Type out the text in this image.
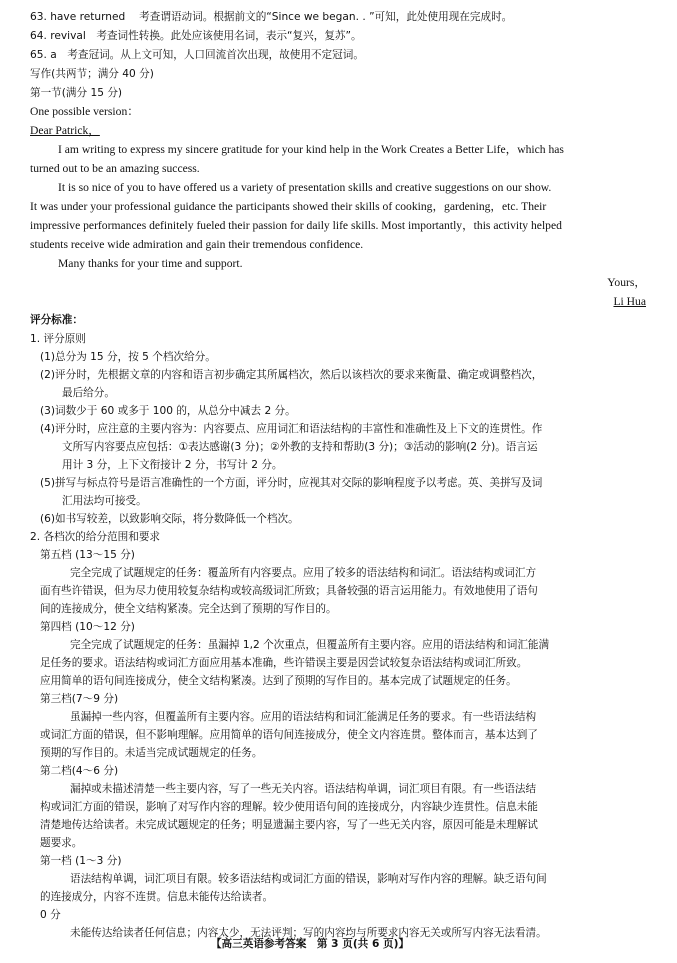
63. have returned　 考查谓语动词。根据前文的“Since we began. . ”可知，此处使用现在完成时。
64. revival　考查词性转换。此处应该使用名词，表示“复兴，复苏”。
65. a　考查冠词。从上文可知，人口回流首次出现，故使用不定冠词。
写作(共两节；满分 40 分)
第一节(满分 15 分)
One possible version：
Dear Patrick，
I am writing to express my sincere gratitude for your kind help in the Work Creates a Better Life，which has
turned out to be an amazing success.
It is so nice of you to have offered us a variety of presentation skills and creative suggestions on our show.
It was under your professional guidance the participants showed their skills of cooking，gardening，etc. Their
impressive performances definitely fueled their passion for daily life skills. Most importantly，this activity helped
students receive wide admiration and gain their tremendous confidence.
Many thanks for your time and support.
Yours，
Li Hua
评分标准：
1. 评分原则
(1)总分为 15 分，按 5 个档次给分。
(2)评分时，先根据文章的内容和语言初步确定其所属档次，然后以该档次的要求来衡量、确定或调整档次，
最后给分。
(3)词数少于 60 或多于 100 的，从总分中减去 2 分。
(4)评分时，应注意的主要内容为：内容要点、应用词汇和语法结构的丰富性和准确性及上下文的连贯性。作
文所写内容要点应包括：①表达感谢(3 分)；②外教的支持和帮助(3 分)；③活动的影响(2 分)。语言运
用计 3 分，上下文衔接计 2 分，书写计 2 分。
(5)拼写与标点符号是语言准确性的一个方面，评分时，应视其对交际的影响程度予以考虑。英、美拼写及词
汇用法均可接受。
(6)如书写较差，以致影响交际，将分数降低一个档次。
2. 各档次的给分范围和要求
第五档 (13～15 分)
完全完成了试题规定的任务：覆盖所有内容要点。应用了较多的语法结构和词汇。语法结构或词汇方
面有些许错误，但为尽力使用较复杂结构或较高级词汇所致；具备较强的语言运用能力。有效地使用了语句
间的连接成分，使全文结构紧凑。完全达到了预期的写作目的。
第四档 (10～12 分)
完全完成了试题规定的任务：虽漏掉 1,2 个次重点，但覆盖所有主要内容。应用的语法结构和词汇能满
足任务的要求。语法结构或词汇方面应用基本准确，些许错误主要是因尝试较复杂语法结构或词汇所致。
应用简单的语句间连接成分，使全文结构紧凑。达到了预期的写作目的。基本完成了试题规定的任务。
第三档(7～9 分)
虽漏掉一些内容，但覆盖所有主要内容。应用的语法结构和词汇能满足任务的要求。有一些语法结构
或词汇方面的错误，但不影响理解。应用简单的语句间连接成分，使全文内容连贯。整体而言，基本达到了
预期的写作目的。未适当完成试题规定的任务。
第二档(4～6 分)
漏掉或未描述清楚一些主要内容，写了一些无关内容。语法结构单调，词汇项目有限。有一些语法结
构或词汇方面的错误，影响了对写作内容的理解。较少使用语句间的连接成分，内容缺少连贯性。信息未能
清楚地传达给读者。未完成试题规定的任务；明显遗漏主要内容，写了一些无关内容，原因可能是未理解试
题要求。
第一档 (1～3 分)
语法结构单调，词汇项目有限。较多语法结构或词汇方面的错误，影响对写作内容的理解。缺乏语句间
的连接成分，内容不连贯。信息未能传达给读者。
0 分
未能传达给读者任何信息；内容太少，无法评判；写的内容均与所要求内容无关或所写内容无法看清。
【高三英语参考答案　第 3 页(共 6 页)】
